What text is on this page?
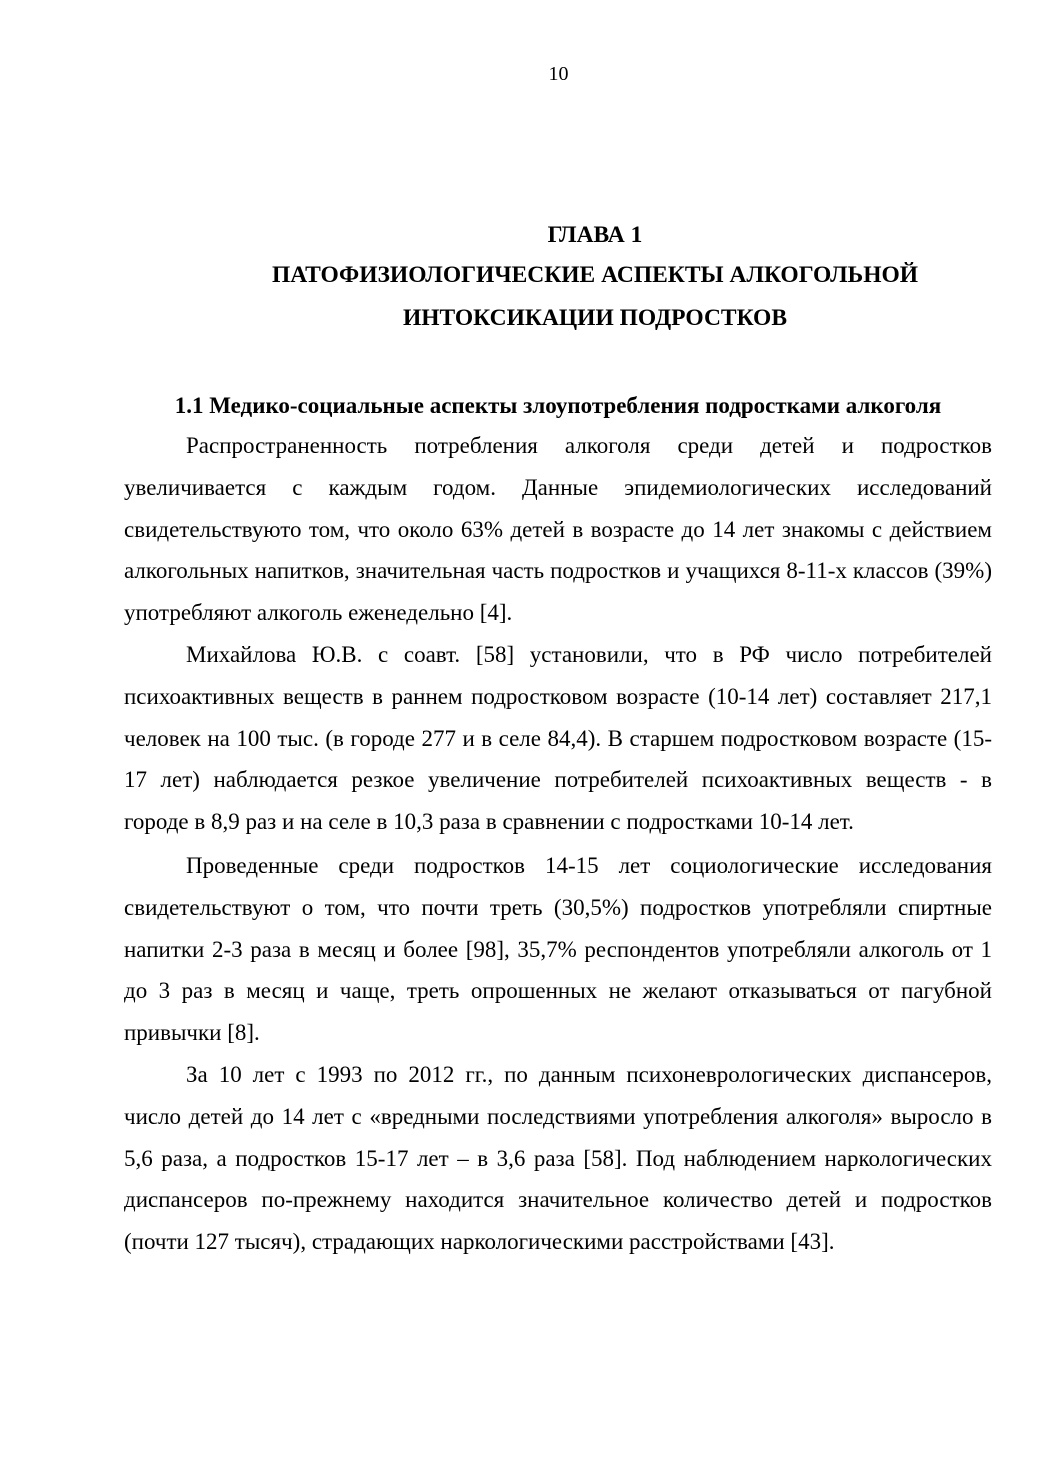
10
ГЛАВА 1
ПАТОФИЗИОЛОГИЧЕСКИЕ АСПЕКТЫ АЛКОГОЛЬНОЙ
ИНТОКСИКАЦИИ ПОДРОСТКОВ
1.1 Медико-социальные аспекты злоупотребления подростками алкоголя

Распространенность потребления алкоголя среди детей и подростков увеличивается с каждым годом. Данные эпидемиологических исследований свидетельствуюто том, что около 63% детей в возрасте до 14 лет знакомы с действием алкогольных напитков, значительная часть подростков и учащихся 8-11-х классов (39%) употребляют алкоголь еженедельно [4].

Михайлова Ю.В. с соавт. [58] установили, что в РФ число потребителей психоактивных веществ в раннем подростковом возрасте (10-14 лет) составляет 217,1 человек на 100 тыс. (в городе 277 и в селе 84,4). В старшем подростковом возрасте (15-17 лет) наблюдается резкое увеличение потребителей психоактивных веществ - в городе в 8,9 раз и на селе в 10,3 раза в сравнении с подростками 10-14 лет.

Проведенные среди подростков 14-15 лет социологические исследования свидетельствуют о том, что почти треть (30,5%) подростков употребляли спиртные напитки 2-3 раза в месяц и более [98], 35,7% респондентов употребляли алкоголь от 1 до 3 раз в месяц и чаще, треть опрошенных не желают отказываться от пагубной привычки [8].

За 10 лет с 1993 по 2012 гг., по данным психоневрологических диспансеров, число детей до 14 лет с «вредными последствиями употребления алкоголя» выросло в 5,6 раза, а подростков 15-17 лет – в 3,6 раза [58]. Под наблюдением наркологических диспансеров по-прежнему находится значительное количество детей и подростков (почти 127 тысяч), страдающих наркологическими расстройствами [43].
